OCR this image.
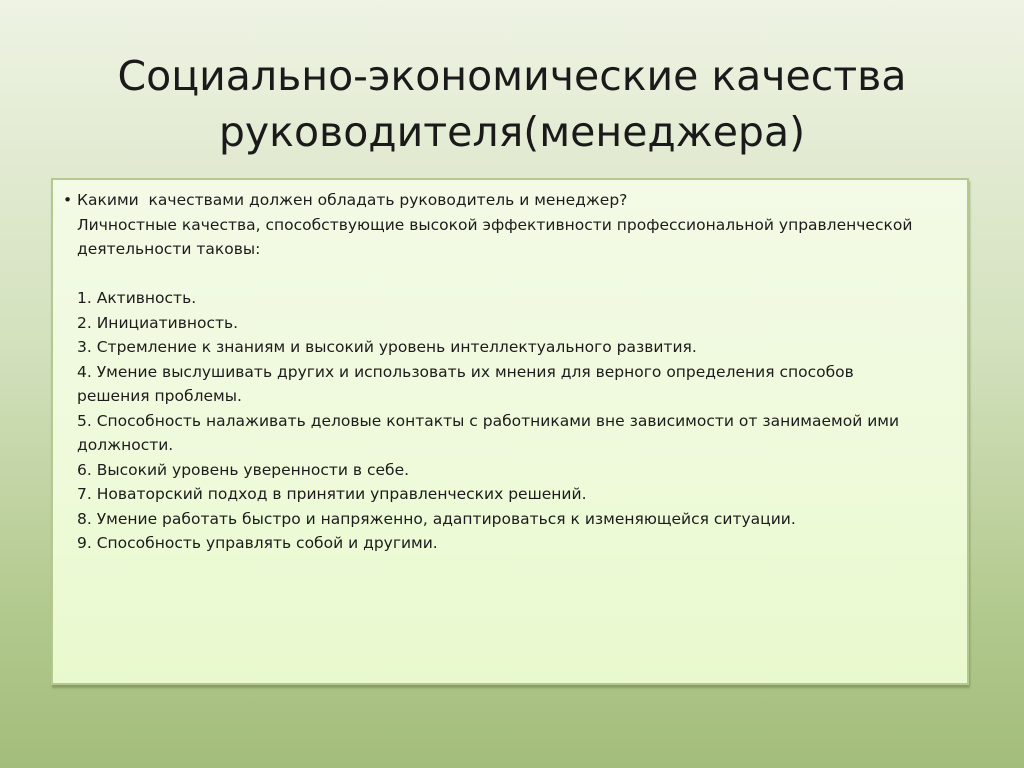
Социально-экономические качества
руководителя(менеджера)
• Какими  качествами должен обладать руководитель и менеджер?
Личностные качества, способствующие высокой эффективности профессиональной управленческой
деятельности таковы:
1. Активность.
2. Инициативность.
3. Стремление к знаниям и высокий уровень интеллектуального развития.
4. Умение выслушивать других и использовать их мнения для верного определения способов
решения проблемы.
5. Способность налаживать деловые контакты с работниками вне зависимости от занимаемой ими
должности.
6. Высокий уровень уверенности в себе.
7. Новаторский подход в принятии управленческих решений.
8. Умение работать быстро и напряженно, адаптироваться к изменяющейся ситуации.
9. Способность управлять собой и другими.
